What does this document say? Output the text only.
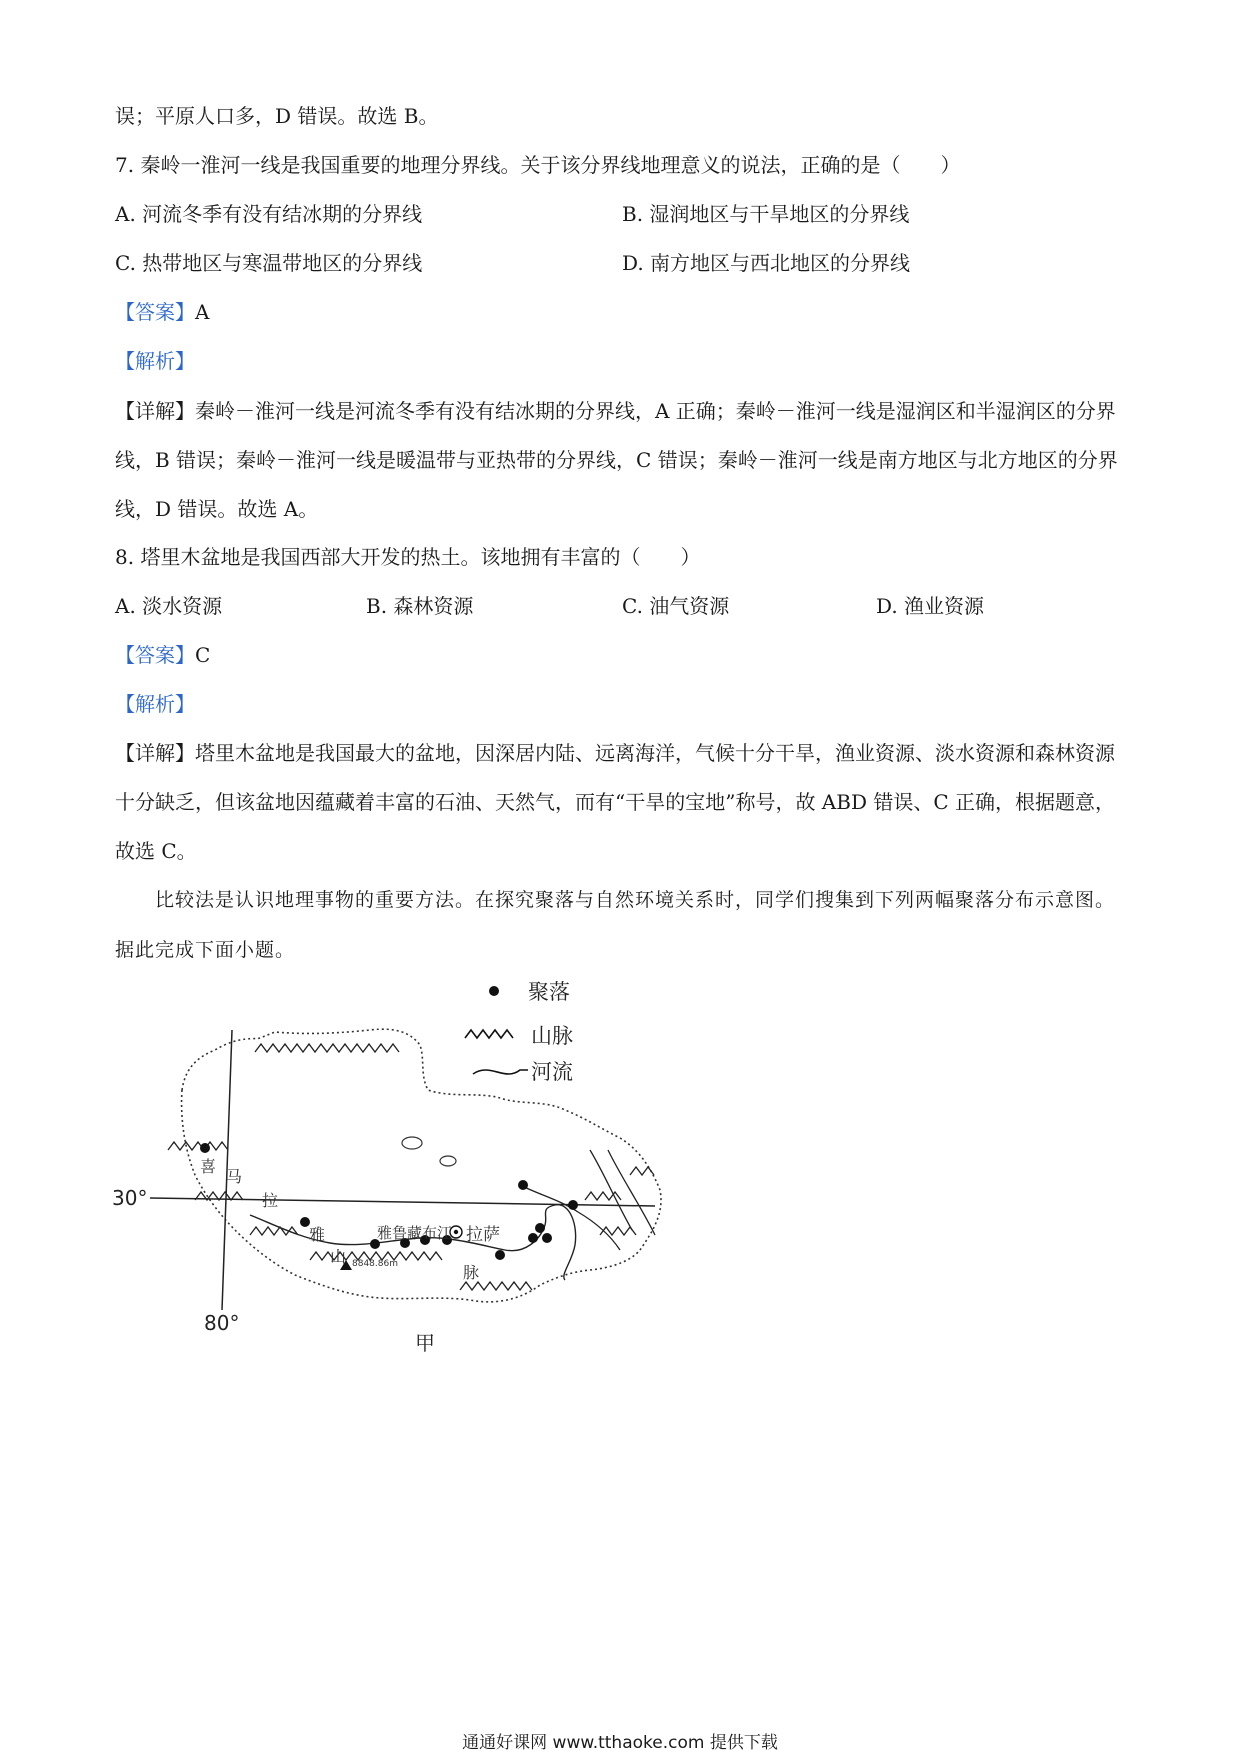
误；平原人口多，D 错误。故选 B。
7. 秦岭一淮河一线是我国重要的地理分界线。关于该分界线地理意义的说法，正确的是（　　）
A. 河流冬季有没有结冰期的分界线	B. 湿润地区与干旱地区的分界线
C. 热带地区与寒温带地区的分界线	D. 南方地区与西北地区的分界线
【答案】A
【解析】
【详解】秦岭－淮河一线是河流冬季有没有结冰期的分界线，A 正确；秦岭－淮河一线是湿润区和半湿润区的分界线，B 错误；秦岭－淮河一线是暖温带与亚热带的分界线，C 错误；秦岭－淮河一线是南方地区与北方地区的分界线，D 错误。故选 A。
8. 塔里木盆地是我国西部大开发的热土。该地拥有丰富的（　　）
A. 淡水资源	B. 森林资源	C. 油气资源	D. 渔业资源
【答案】C
【解析】
【详解】塔里木盆地是我国最大的盆地，因深居内陆、远离海洋，气候十分干旱，渔业资源、淡水资源和森林资源十分缺乏，但该盆地因蕴藏着丰富的石油、天然气，而有“干旱的宝地”称号，故 ABD 错误、C 正确，根据题意，故选 C。
比较法是认识地理事物的重要方法。在探究聚落与自然环境关系时，同学们搜集到下列两幅聚落分布示意图。据此完成下面小题。
聚落
山脉
河流
30°
80°
喜
马
拉
雅
山
脉
雅鲁藏布江 拉萨
8848.86m
甲
通通好课网 www.tthaoke.com 提供下载
